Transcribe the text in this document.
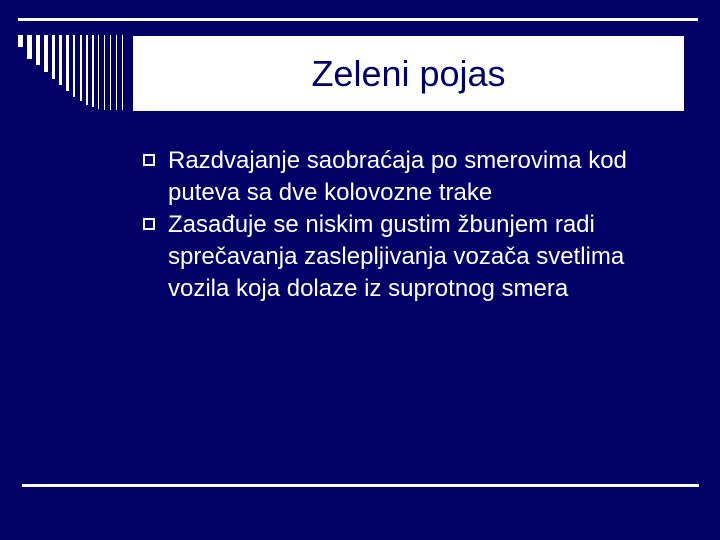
Zeleni pojas

Razdvajanje saobraćaja po smerovima kod puteva sa dve kolovozne trake

Zasađuje se niskim gustim žbunjem radi sprečavanja zaslepljivanja vozača svetlima vozila koja dolaze iz suprotnog smera
